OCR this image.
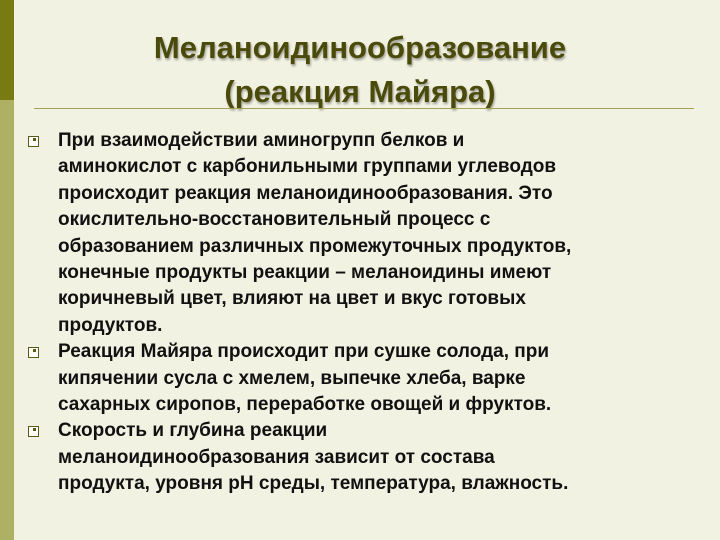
Меланоидинообразование
(реакция Майяра)
При взаимодействии аминогрупп белков и
аминокислот с карбонильными группами углеводов
происходит реакция меланоидинообразования. Это
окислительно-восстановительный процесс с
образованием различных промежуточных продуктов,
конечные продукты реакции – меланоидины имеют
коричневый цвет, влияют на цвет и вкус готовых
продуктов.
Реакция Майяра происходит при сушке солода, при
кипячении сусла с хмелем, выпечке хлеба, варке
сахарных сиропов, переработке овощей и фруктов.
Скорость и глубина реакции
меланоидинообразования зависит от состава
продукта, уровня pH среды, температура, влажность.
